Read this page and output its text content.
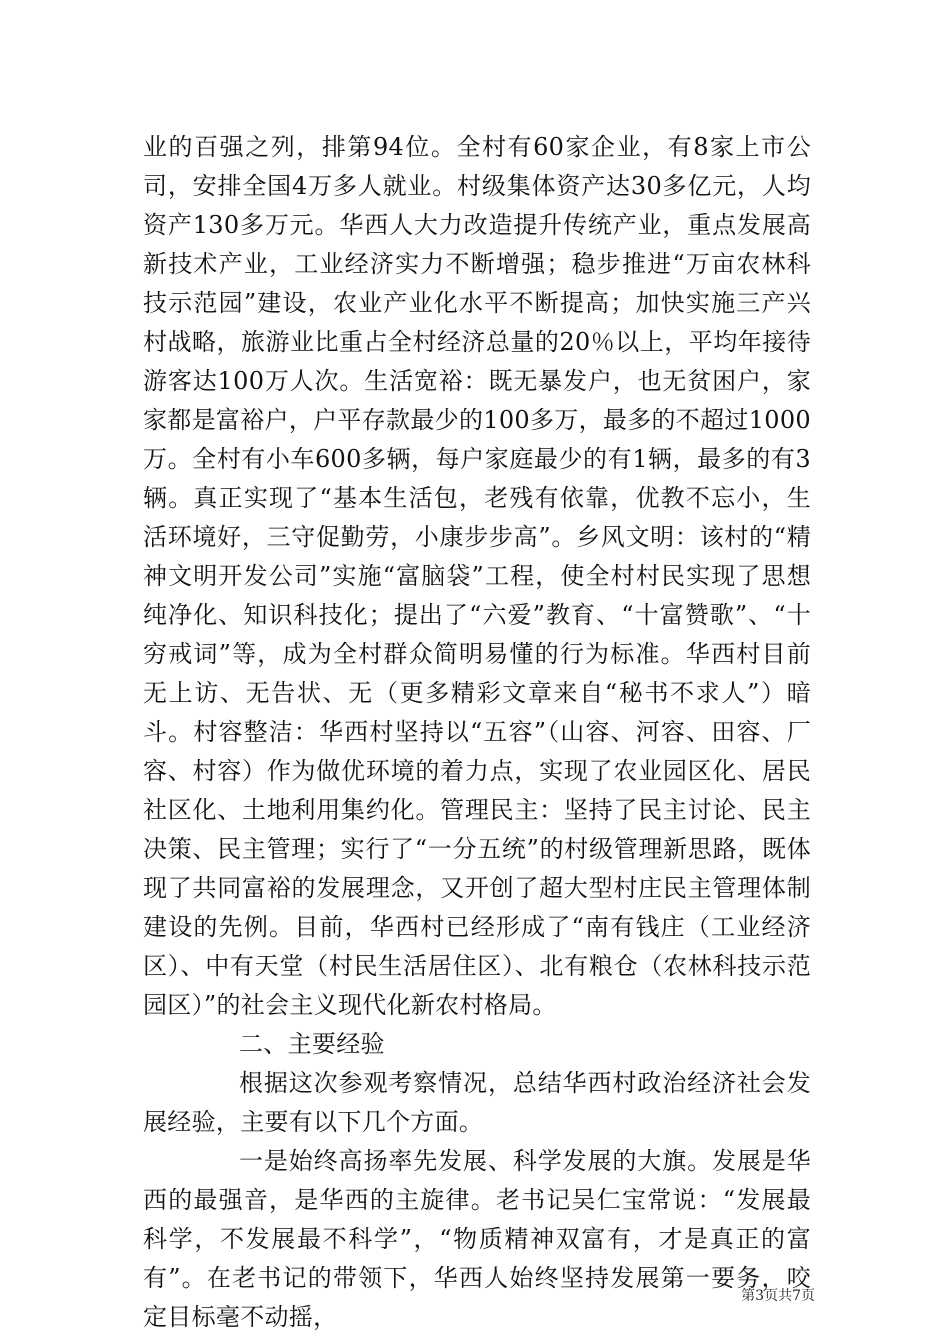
业的百强之列，排第94位。全村有60家企业，有8家上市公司，安排全国4万多人就业。村级集体资产达30多亿元，人均资产130多万元。华西人大力改造提升传统产业，重点发展高新技术产业，工业经济实力不断增强；稳步推进“万亩农林科技示范园”建设，农业产业化水平不断提高；加快实施三产兴村战略，旅游业比重占全村经济总量的20％以上，平均年接待游客达100万人次。生活宽裕：既无暴发户，也无贫困户，家家都是富裕户，户平存款最少的100多万，最多的不超过1000万。全村有小车600多辆，每户家庭最少的有1辆，最多的有3辆。真正实现了“基本生活包，老残有依靠，优教不忘小，生活环境好，三守促勤劳，小康步步高”。乡风文明：该村的“精神文明开发公司”实施“富脑袋”工程，使全村村民实现了思想纯净化、知识科技化；提出了“六爱”教育、“十富赞歌”、“十穷戒词”等，成为全村群众简明易懂的行为标准。华西村目前无上访、无告状、无（更多精彩文章来自“秘书不求人”）暗斗。村容整洁：华西村坚持以“五容”（山容、河容、田容、厂容、村容）作为做优环境的着力点，实现了农业园区化、居民社区化、土地利用集约化。管理民主：坚持了民主讨论、民主决策、民主管理；实行了“一分五统”的村级管理新思路，既体现了共同富裕的发展理念，又开创了超大型村庄民主管理体制建设的先例。目前，华西村已经形成了“南有钱庄（工业经济区）、中有天堂（村民生活居住区）、北有粮仓（农林科技示范园区）”的社会主义现代化新农村格局。

二、主要经验

根据这次参观考察情况，总结华西村政治经济社会发展经验，主要有以下几个方面。

一是始终高扬率先发展、科学发展的大旗。发展是华西的最强音，是华西的主旋律。老书记吴仁宝常说：“发展最科学，不发展最不科学”，“物质精神双富有，才是真正的富有”。在老书记的带领下，华西人始终坚持发展第一要务，咬定目标毫不动摇，

第3页共7页
